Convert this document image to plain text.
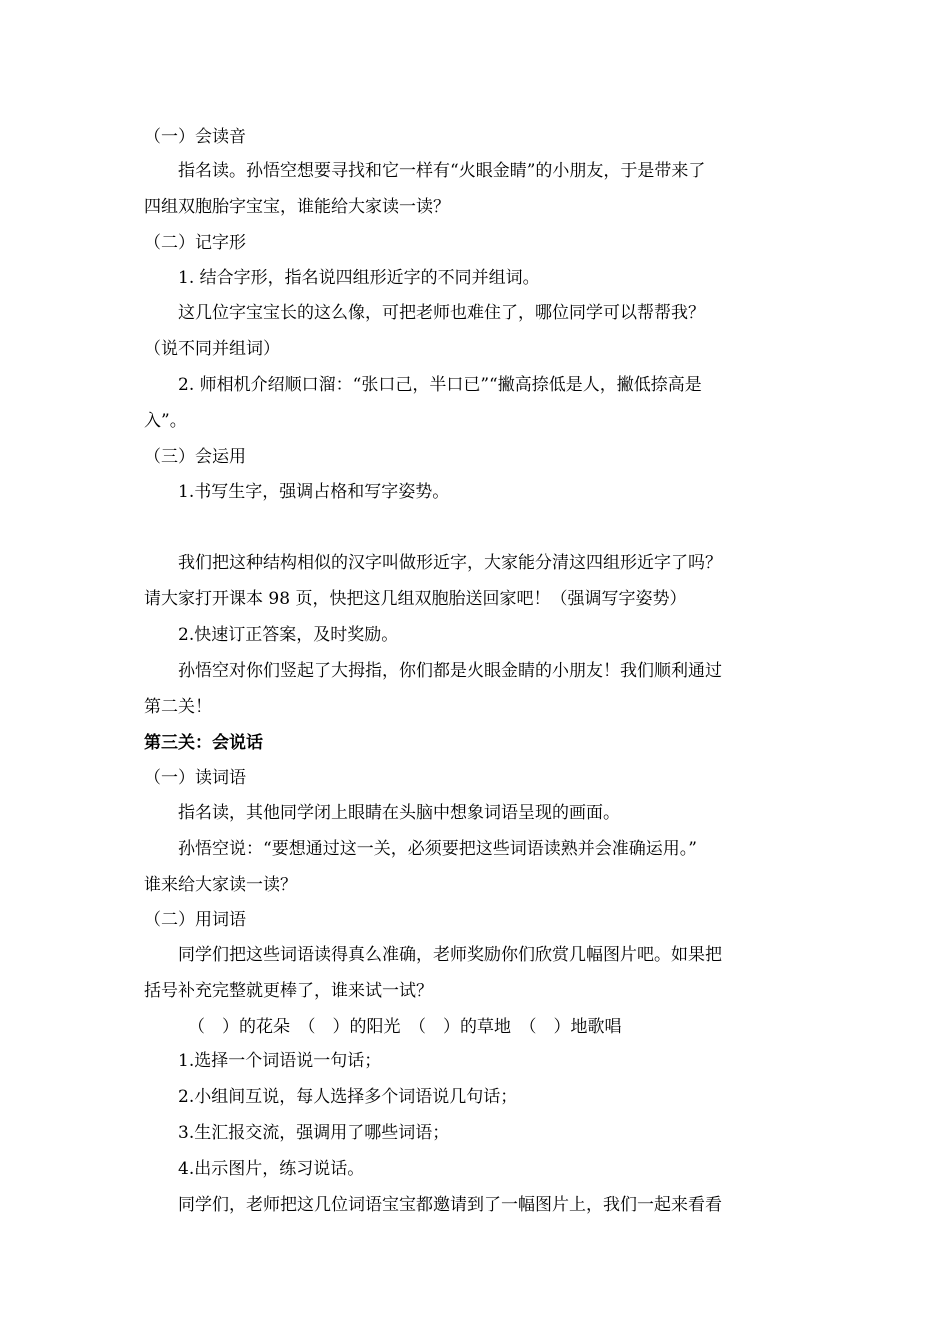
（一）会读音
指名读。孙悟空想要寻找和它一样有“火眼金睛”的小朋友，于是带来了
四组双胞胎字宝宝，谁能给大家读一读？
（二）记字形
1. 结合字形，指名说四组形近字的不同并组词。
这几位字宝宝长的这么像，可把老师也难住了，哪位同学可以帮帮我？
（说不同并组词）
2. 师相机介绍顺口溜：“张口己，半口已”“撇高捺低是人，撇低捺高是
入”。
（三）会运用
1.书写生字，强调占格和写字姿势。
我们把这种结构相似的汉字叫做形近字，大家能分清这四组形近字了吗？
请大家打开课本 98 页，快把这几组双胞胎送回家吧！（强调写字姿势）
2.快速订正答案，及时奖励。
孙悟空对你们竖起了大拇指，你们都是火眼金睛的小朋友！我们顺利通过
第二关！
第三关：会说话
（一）读词语
指名读，其他同学闭上眼睛在头脑中想象词语呈现的画面。
孙悟空说：“要想通过这一关，必须要把这些词语读熟并会准确运用。”
谁来给大家读一读？
（二）用词语
同学们把这些词语读得真么准确，老师奖励你们欣赏几幅图片吧。如果把
括号补充完整就更棒了，谁来试一试？
（　）的花朵　（　）的阳光　（　）的草地　（　）地歌唱
1.选择一个词语说一句话；
2.小组间互说，每人选择多个词语说几句话；
3.生汇报交流，强调用了哪些词语；
4.出示图片，练习说话。
同学们，老师把这几位词语宝宝都邀请到了一幅图片上，我们一起来看看
